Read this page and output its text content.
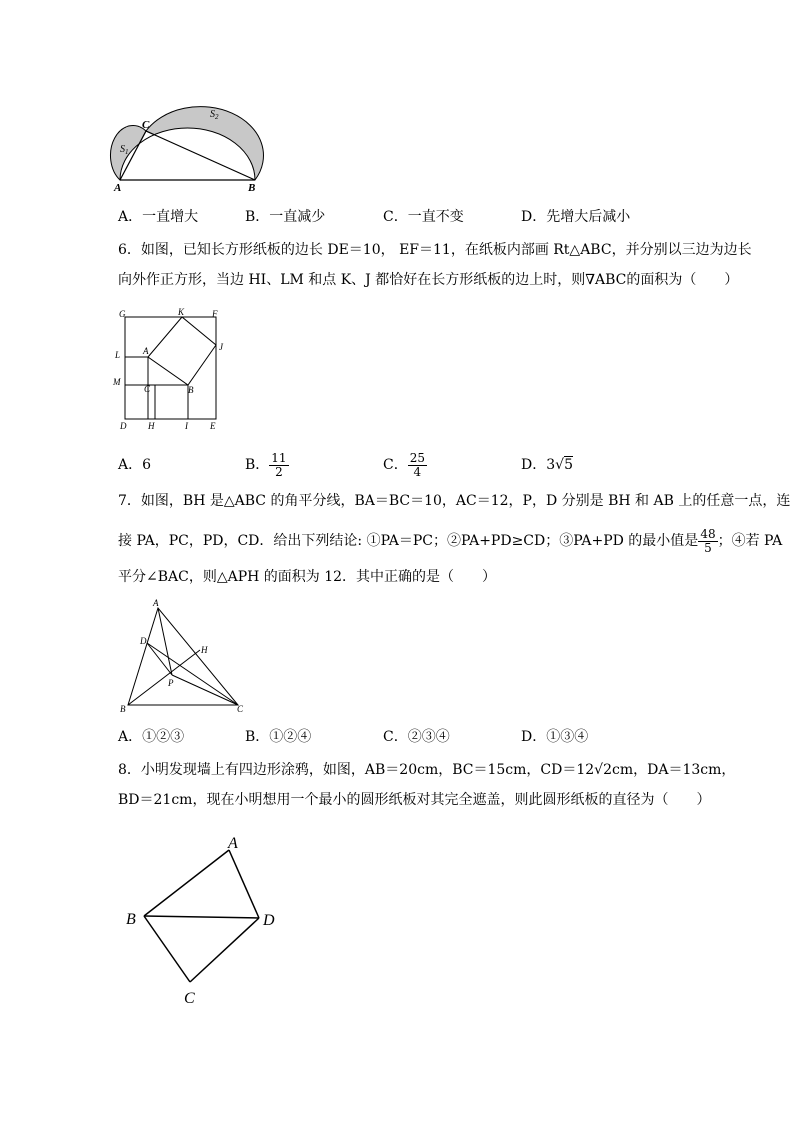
A	B
C
$S_1$
$S_2$
A．一直增大	B．一直减少	C．一直不变	D．先增大后减小
6．如图，已知长方形纸板的边长 DE＝10， EF＝11，在纸板内部画 Rt△ABC，并分别以三边为边长
向外作正方形，当边 HI、LM 和点 K、J 都恰好在长方形纸板的边上时，则∇ABC的面积为（　　）
G	K	F
L	A	J
M
C	B
D H	I E
A．6	B． $\frac{11}{2}$	C． $\frac{25}{4}$	D．3√5
7．如图，BH 是△ABC 的角平分线，BA＝BC＝10，AC＝12，P，D 分别是 BH 和 AB 上的任意一点，连
接 PA，PC，PD，CD．给出下列结论: ①PA＝PC；②PA+PD≥CD；③PA+PD 的最小值是 $\frac{48}{5}$ ；④若 PA
平分∠BAC，则△APH 的面积为 12．其中正确的是（　　）
A
D
H
P
B	C
A．①②③	B．①②④	C．②③④	D．①③④
8．小明发现墙上有四边形涂鸦，如图，AB＝20cm，BC＝15cm，CD＝12√2cm，DA＝13cm，
BD＝21cm，现在小明想用一个最小的圆形纸板对其完全遮盖，则此圆形纸板的直径为（　　）
A
B	D
C
